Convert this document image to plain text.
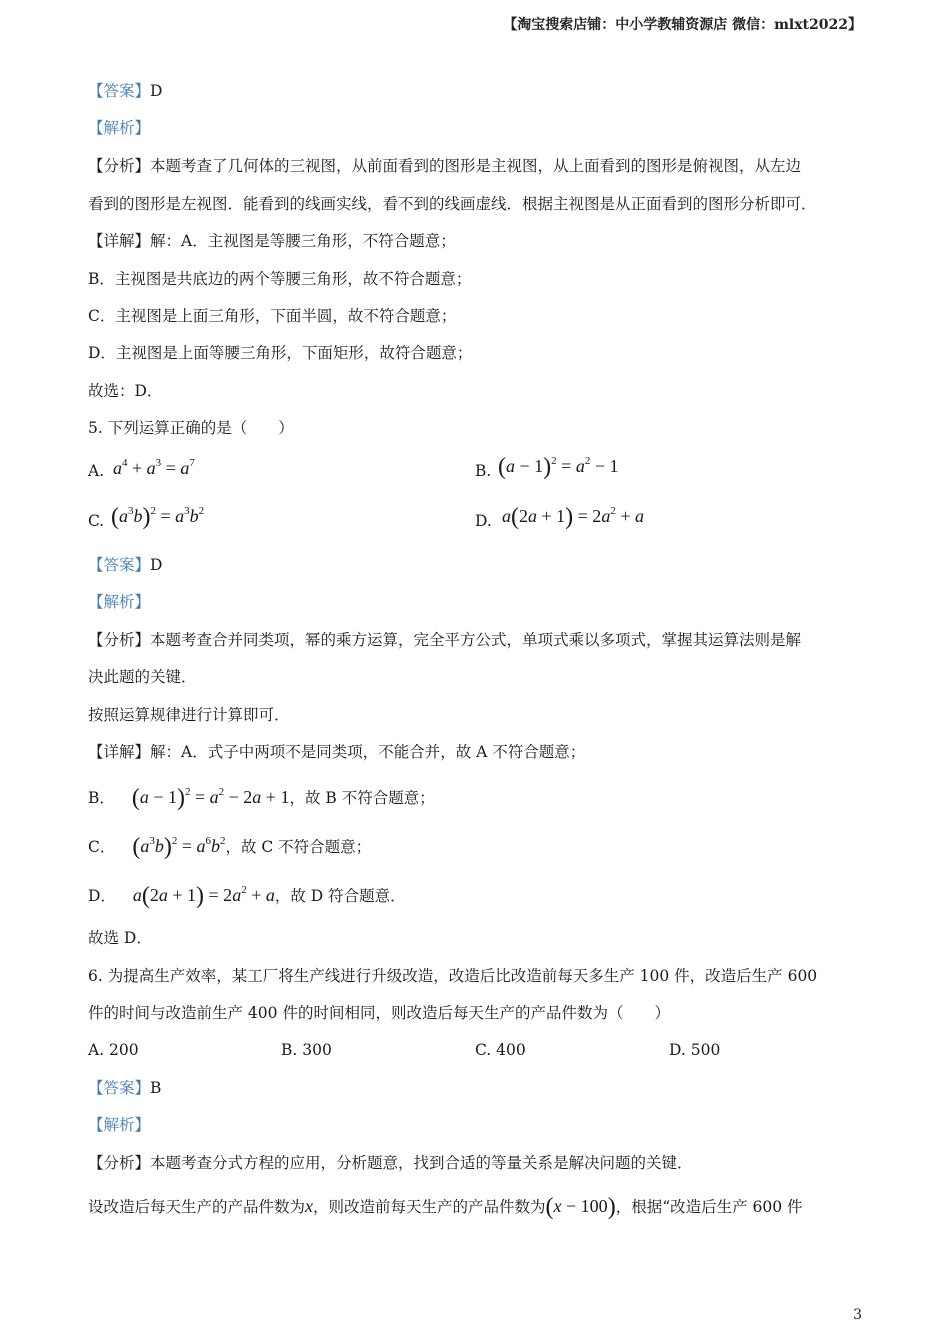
【淘宝搜索店铺：中小学教辅资源店 微信：mlxt2022】
【答案】D
【解析】
【分析】本题考查了几何体的三视图，从前面看到的图形是主视图，从上面看到的图形是俯视图，从左边
看到的图形是左视图．能看到的线画实线，看不到的线画虚线．根据主视图是从正面看到的图形分析即可．
【详解】解：A．主视图是等腰三角形，不符合题意；
B．主视图是共底边的两个等腰三角形，故不符合题意；
C．主视图是上面三角形，下面半圆，故不符合题意；
D．主视图是上面等腰三角形，下面矩形，故符合题意；
故选：D．
5. 下列运算正确的是（　　）
A. $a^4 + a^3 = a^7$	B. $(a - 1)^2 = a^2 - 1$
C. $(a^3b)^2 = a^3b^2$
D. $a(2a + 1) = 2a^2 + a$
【答案】D
【解析】
【分析】本题考查合并同类项，幂的乘方运算，完全平方公式，单项式乘以多项式，掌握其运算法则是解
决此题的关键．
按照运算规律进行计算即可．
【详解】解：A．式子中两项不是同类项，不能合并，故 A 不符合题意；
B． $(a - 1)^2 = a^2 - 2a + 1$，故 B 不符合题意；
C． $(a^3b)^2 = a^6b^2$，故 C 不符合题意；
D． $a(2a + 1) = 2a^2 + a$，故 D 符合题意．
故选 D．
6. 为提高生产效率，某工厂将生产线进行升级改造，改造后比改造前每天多生产 100 件，改造后生产 600
件的时间与改造前生产 400 件的时间相同，则改造后每天生产的产品件数为（　　）
A. 200	B. 300	C. 400	D. 500
【答案】B
【解析】
【分析】本题考查分式方程的应用，分析题意，找到合适的等量关系是解决问题的关键．
设改造后每天生产的产品件数为x，则改造前每天生产的产品件数为(x − 100)，根据“改造后生产 600 件
3
